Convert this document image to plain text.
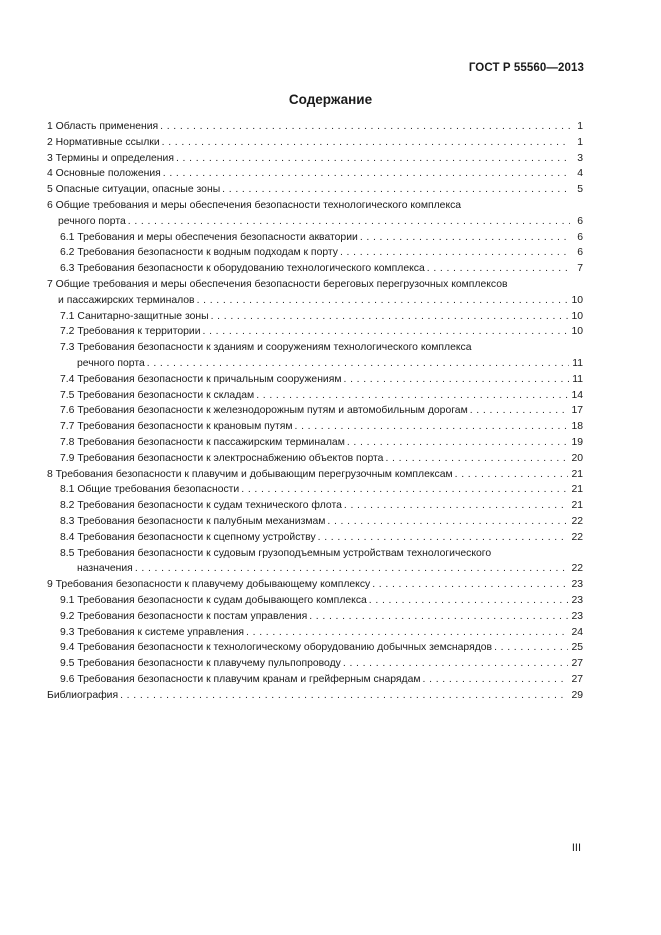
ГОСТ Р 55560—2013
Содержание
1 Область применения . . .	1
2 Нормативные ссылки . . .	1
3 Термины и определения . . .	3
4 Основные положения . . .	4
5 Опасные ситуации, опасные зоны . . .	5
6 Общие требования и меры обеспечения безопасности технологического комплекса
речного порта . . .	6
6.1 Требования и меры обеспечения безопасности акватории . . .	6
6.2 Требования безопасности к водным подходам к порту . . .	6
6.3 Требования безопасности к оборудованию технологического комплекса . . .	7
7 Общие требования и меры обеспечения безопасности береговых перегрузочных комплексов
и пассажирских терминалов . . .	10
7.1 Санитарно-защитные зоны . . .	10
7.2 Требования к территории . . .	10
7.3 Требования безопасности к зданиям и сооружениям технологического комплекса
речного порта . . .	11
7.4 Требования безопасности к причальным сооружениям . . .	11
7.5 Требования безопасности к складам . . .	14
7.6 Требования безопасности к железнодорожным путям и автомобильным дорогам . . .	17
7.7 Требования безопасности к крановым путям . . .	18
7.8 Требования безопасности к пассажирским терминалам . . .	19
7.9 Требования безопасности к электроснабжению объектов порта . . .	20
8 Требования безопасности к плавучим и добывающим перегрузочным комплексам . . .	21
8.1 Общие требования безопасности . . .	21
8.2 Требования безопасности к судам технического флота . . .	21
8.3 Требования безопасности к палубным механизмам . . .	22
8.4 Требования безопасности к сцепному устройству . . .	22
8.5 Требования безопасности к судовым грузоподъемным устройствам технологического
назначения . . .	22
9 Требования безопасности к плавучему добывающему комплексу . . .	23
9.1 Требования безопасности к судам добывающего комплекса . . .	23
9.2 Требования безопасности к постам управления . . .	23
9.3 Требования к системе управления . . .	24
9.4 Требования безопасности к технологическому оборудованию добычных земснарядов . . .	25
9.5 Требования безопасности к плавучему пульпопроводу . . .	27
9.6 Требования безопасности к плавучим кранам и грейферным снарядам . . .	27
Библиография . . .	29
III
